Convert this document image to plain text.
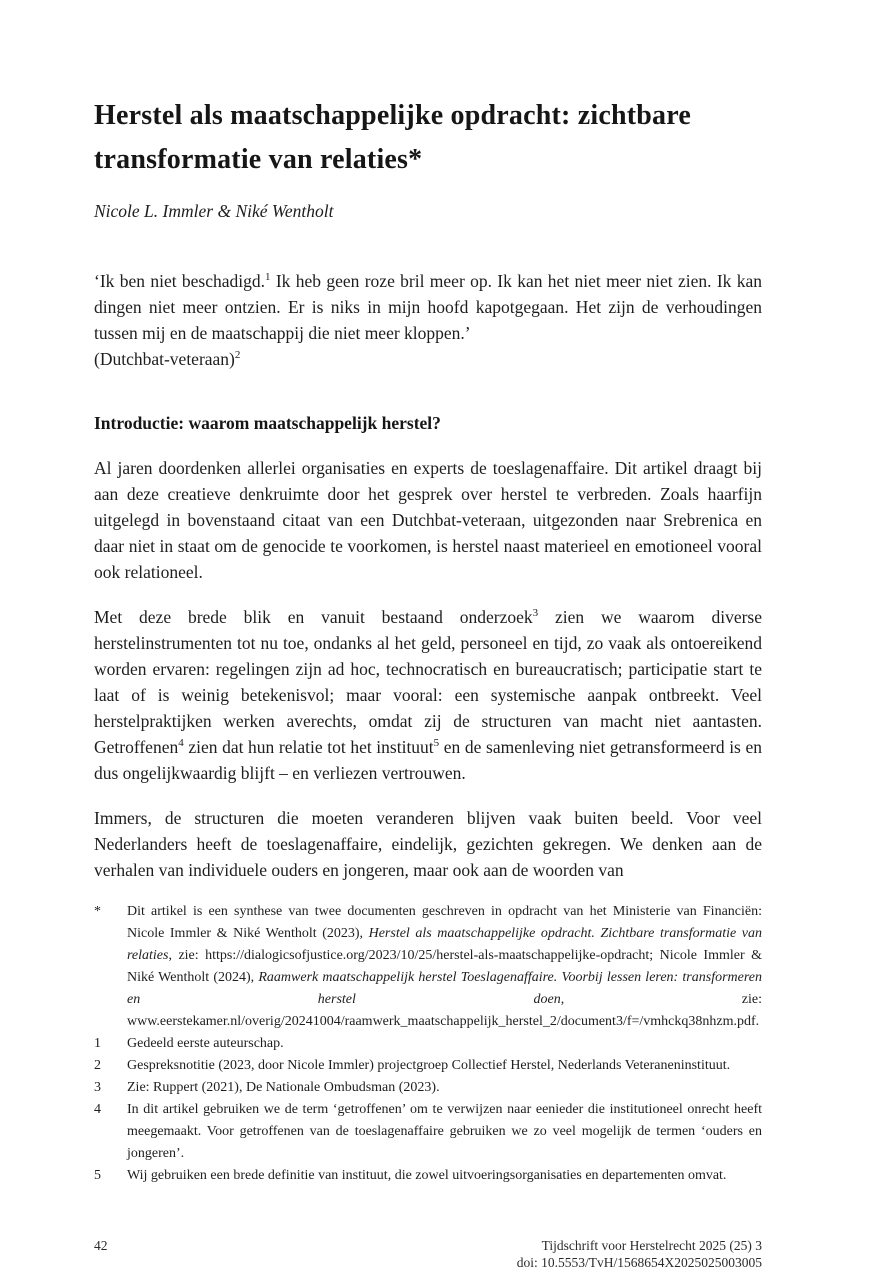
Herstel als maatschappelijke opdracht: zichtbare transformatie van relaties*

Nicole L. Immler & Niké Wentholt

‘Ik ben niet beschadigd.$^1$ Ik heb geen roze bril meer op. Ik kan het niet meer niet zien. Ik kan dingen niet meer ontzien. Er is niks in mijn hoofd kapotgegaan. Het zijn de verhoudingen tussen mij en de maatschappij die niet meer kloppen.’
(Dutchbat-veteraan)$^2$

Introductie: waarom maatschappelijk herstel?

Al jaren doordenken allerlei organisaties en experts de toeslagenaffaire. Dit artikel draagt bij aan deze creatieve denkruimte door het gesprek over herstel te verbreden. Zoals haarfijn uitgelegd in bovenstaand citaat van een Dutchbat-veteraan, uitgezonden naar Srebrenica en daar niet in staat om de genocide te voorkomen, is herstel naast materieel en emotioneel vooral ook relationeel.

Met deze brede blik en vanuit bestaand onderzoek$^3$ zien we waarom diverse herstelinstrumenten tot nu toe, ondanks al het geld, personeel en tijd, zo vaak als ontoereikend worden ervaren: regelingen zijn ad hoc, technocratisch en bureaucratisch; participatie start te laat of is weinig betekenisvol; maar vooral: een systemische aanpak ontbreekt. Veel herstelpraktijken werken averechts, omdat zij de structuren van macht niet aantasten. Getroffenen$^4$ zien dat hun relatie tot het instituut$^5$ en de samenleving niet getransformeerd is en dus ongelijkwaardig blijft – en verliezen vertrouwen.

Immers, de structuren die moeten veranderen blijven vaak buiten beeld. Voor veel Nederlanders heeft de toeslagenaffaire, eindelijk, gezichten gekregen. We denken aan de verhalen van individuele ouders en jongeren, maar ook aan de woorden van

*	Dit artikel is een synthese van twee documenten geschreven in opdracht van het Ministerie van Financiën: Nicole Immler & Niké Wentholt (2023), Herstel als maatschappelijke opdracht. Zichtbare transformatie van relaties, zie: https://dialogicsofjustice.org/2023/10/25/herstel-als-maatschappelijke-opdracht; Nicole Immler & Niké Wentholt (2024), Raamwerk maatschappelijk herstel Toeslagenaffaire. Voorbij lessen leren: transformeren en herstel doen, zie: www.eerstekamer.nl/overig/20241004/raamwerk_maatschappelijk_herstel_2/document3/f=/vmhckq38nhzm.pdf.
1	Gedeeld eerste auteurschap.
2	Gespreksnotitie (2023, door Nicole Immler) projectgroep Collectief Herstel, Nederlands Veteraneninstituut.
3	Zie: Ruppert (2021), De Nationale Ombudsman (2023).
4	In dit artikel gebruiken we de term ‘getroffenen’ om te verwijzen naar eenieder die institutioneel onrecht heeft meegemaakt. Voor getroffenen van de toeslagenaffaire gebruiken we zo veel mogelijk de termen ‘ouders en jongeren’.
5	Wij gebruiken een brede definitie van instituut, die zowel uitvoeringsorganisaties en departementen omvat.
42	Tijdschrift voor Herstelrecht 2025 (25) 3
doi: 10.5553/TvH/1568654X2025025003005
